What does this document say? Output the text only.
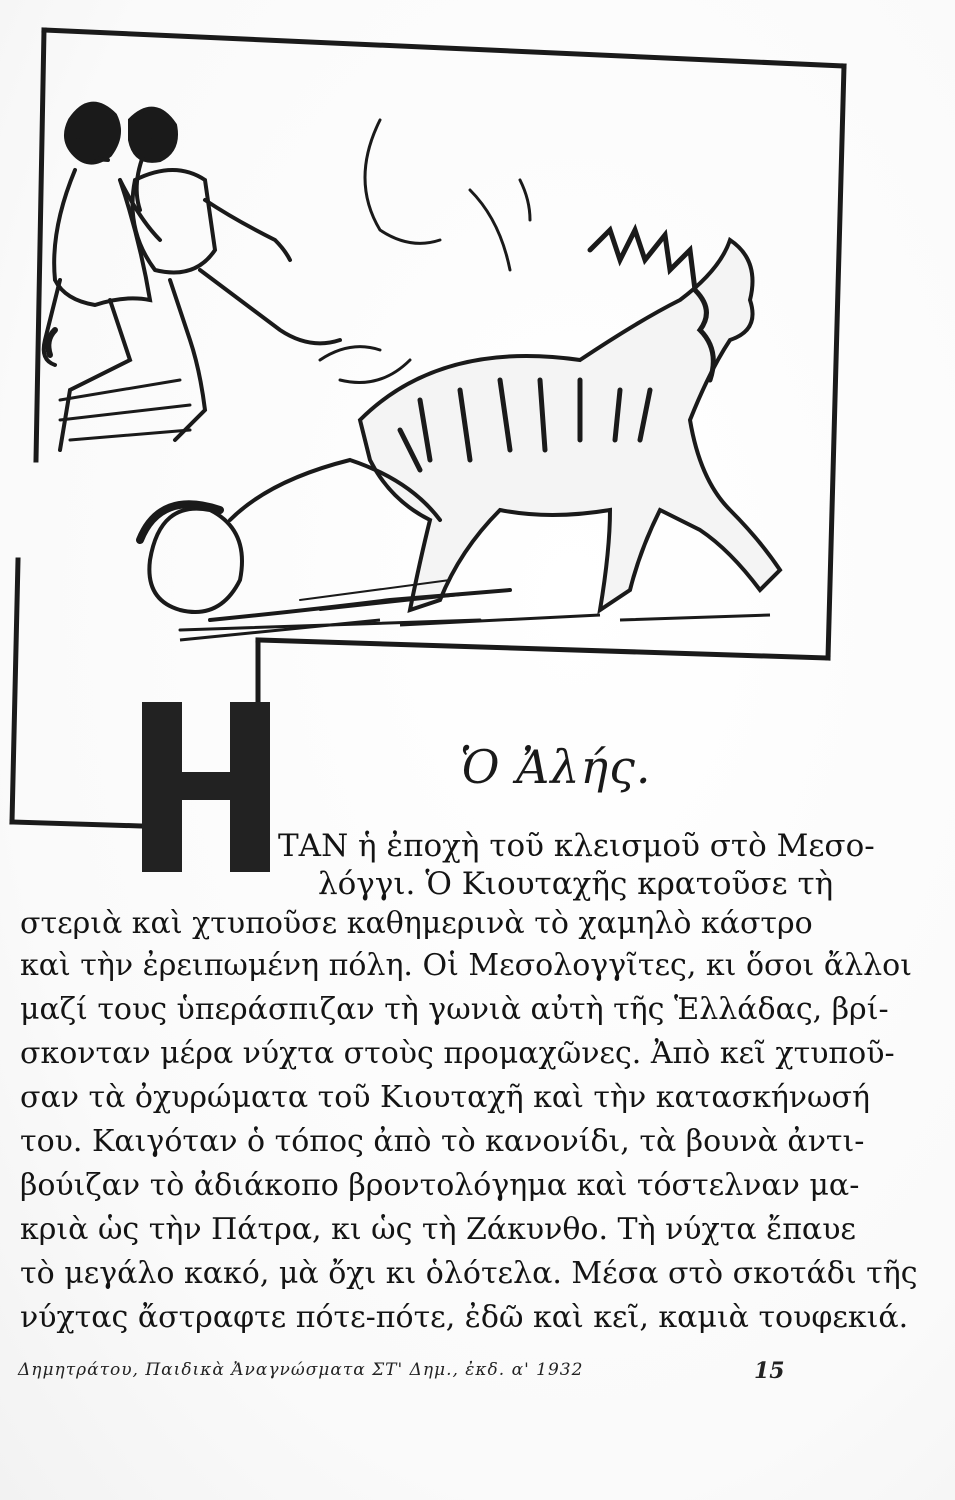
Ὁ Ἀλής.
ΤΑΝ ἡ ἐποχὴ τοῦ κλεισμοῦ στὸ Μεσο-
λόγγι. Ὁ Κιουταχῆς κρατοῦσε τὴ
στεριὰ καὶ χτυποῦσε καθημερινὰ τὸ χαμηλὸ κάστρο
καὶ τὴν ἐρειπωμένη πόλη. Οἱ Μεσολογγῖτες, κι ὅσοι ἄλλοι
μαζί τους ὑπεράσπιζαν τὴ γωνιὰ αὐτὴ τῆς Ἑλλάδας, βρί-
σκονταν μέρα νύχτα στοὺς προμαχῶνες. Ἀπὸ κεῖ χτυποῦ-
σαν τὰ ὀχυρώματα τοῦ Κιουταχῆ καὶ τὴν κατασκήνωσή
του. Καιγόταν ὁ τόπος ἀπὸ τὸ κανονίδι, τὰ βουνὰ ἀντι-
βούιζαν τὸ ἀδιάκοπο βροντολόγημα καὶ τόστελναν μα-
κριὰ ὡς τὴν Πάτρα, κι ὡς τὴ Ζάκυνθο. Τὴ νύχτα ἔπαυε
τὸ μεγάλο κακό, μὰ ὄχι κι ὁλότελα. Μέσα στὸ σκοτάδι τῆς
νύχτας ἄστραφτε πότε-πότε, ἐδῶ καὶ κεῖ, καμιὰ τουφεκιά.
Δημητράτου, Παιδικὰ Ἀναγνώσματα ΣΤ' Δημ., ἐκδ. α' 1932	15
